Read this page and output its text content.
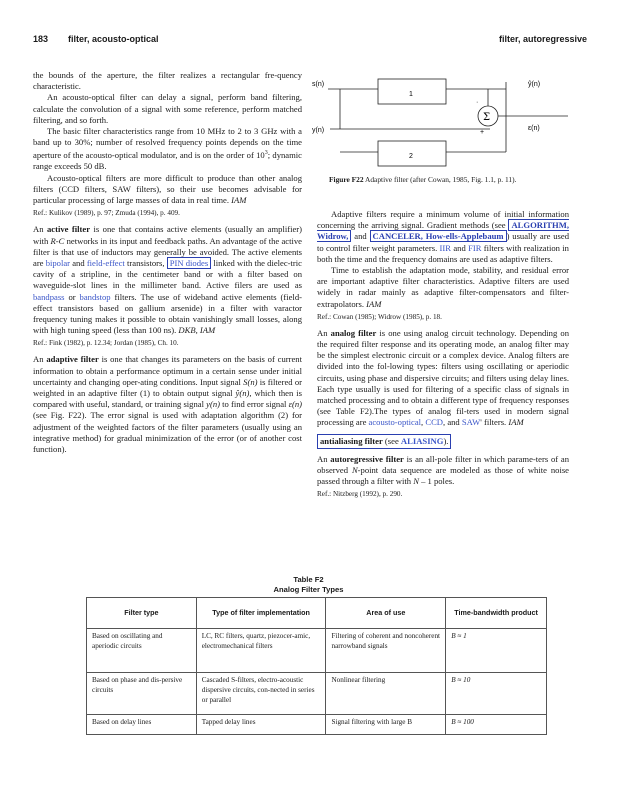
183 filter, acousto-optical	filter, autoregressive

the bounds of the aperture, the filter realizes a rectangular fre-quency characteristic.

An acousto-optical filter can delay a signal, perform band filtering, calculate the convolution of a signal with some reference, perform matched filtering, and so forth.

The basic filter characteristics range from 10 MHz to 2 to 3 GHz with a band up to 30%; number of resolved frequency points depends on the time aperture of the acousto-optical modulator, and is on the order of $10^3$; dynamic range exceeds 50 dB.

Acousto-optical filters are more difficult to produce than other analog filters (CCD filters, SAW filters), so their use becomes advisable for particular processing of large masses of data in real time. IAM

Ref.: Kulikov (1989), p. 97; Zmuda (1994), p. 409.

An active filter is one that contains active elements (usually an amplifier) with R-C networks in its input and feedback paths. An advantage of the active filter is that use of inductors may generally be avoided. The active elements are bipolar and field-effect transistors, PIN diodes linked with the dielec-tric cavity of a stripline, in the centimeter band or with a filter based on waveguide-slot lines in the millimeter band. Active filers are used as bandpass or bandstop filters. The use of wideband active elements (field-effect transistors based on gallium arsenide) in a filter with varactor frequency tuning makes it possible to obtain vanishingly small losses, along with high tuning speed (less than 100 ns). DKB, IAM

Ref.: Fink (1982), p. 12.34; Jordan (1985), Ch. 10.

An adaptive filter is one that changes its parameters on the basis of current information to obtain a performance optimum in a certain sense under initial uncertainty and changing oper-ating conditions. Input signal S(n) is filtered or weighted in an adaptive filter (1) to obtain output signal ŷ(n), which then is compared with useful, standard, or training signal y(n) to find error signal ε(n) (see Fig. F22). The error signal is used with adaptation algorithm (2) for adjustment of the weighted factors of the filter parameters (usually using an integrative method) for gradual minimization of the error (or of another cost function).

s(n)
y(n)
ŷ(n)
ε(n)
1
2
Σ
+
·
Figure F22 Adaptive filter (after Cowan, 1985, Fig. 1.1, p. 11).

Adaptive filters require a minimum volume of initial information concerning the arriving signal. Gradient methods (see ALGORITHM, Widrow, and CANCELER, How-ells-Applebaum ) usually are used to control filter weight parameters. IIR and FIR filters with realization in both the time and the frequency domains are used as adaptive filters.

Time to establish the adaptation mode, stability, and residual error are important adaptive filter characteristics. Adaptive filters are used widely in radar mainly as adaptive filter-compensators and filter-extrapolators. IAM

Ref.: Cowan (1985); Widrow (1985), p. 18.

An analog filter is one using analog circuit technology. Depending on the required filter response and its operating mode, an analog filter may be the simplest electronic circuit or a complex device. Analog filters are divided into the fol-lowing types: filters using oscillating or aperiodic circuits, using phase and dispersive circuits; and filters using delay lines. Each type usually is used for filtering of a specific class of signals in matched processing and to obtain a different type of frequency responses (see Table F2).The types of analog fil-ters used in modern signal processing are acousto-optical, CCD, and SAW' filters. IAM

antialiasing filter (see ALIASING).

An autoregressive filter is an all-pole filter in which parame-ters of an observed N-point data sequence are modeled as those of white noise passed through a filter with N – 1 poles.

Ref.: Nitzberg (1992), p. 290.

Table F2
Analog Filter Types
Filter type	Type of filter implementation	Area of use	Time-bandwidth product
Based on oscillating and aperiodic circuits	LC, RC filters, quartz, piezocer-amic, electromechanical filters	Filtering of coherent and noncoherent narrowband signals	B ≈ 1
Based on phase and dis-persive circuits	Cascaded S-filters, electro-acoustic dispersive circuits, con-nected in series or parallel	Nonlinear filtering	B ≈ 10
Based on delay lines	Tapped delay lines	Signal filtering with large B	B ≈ 100
